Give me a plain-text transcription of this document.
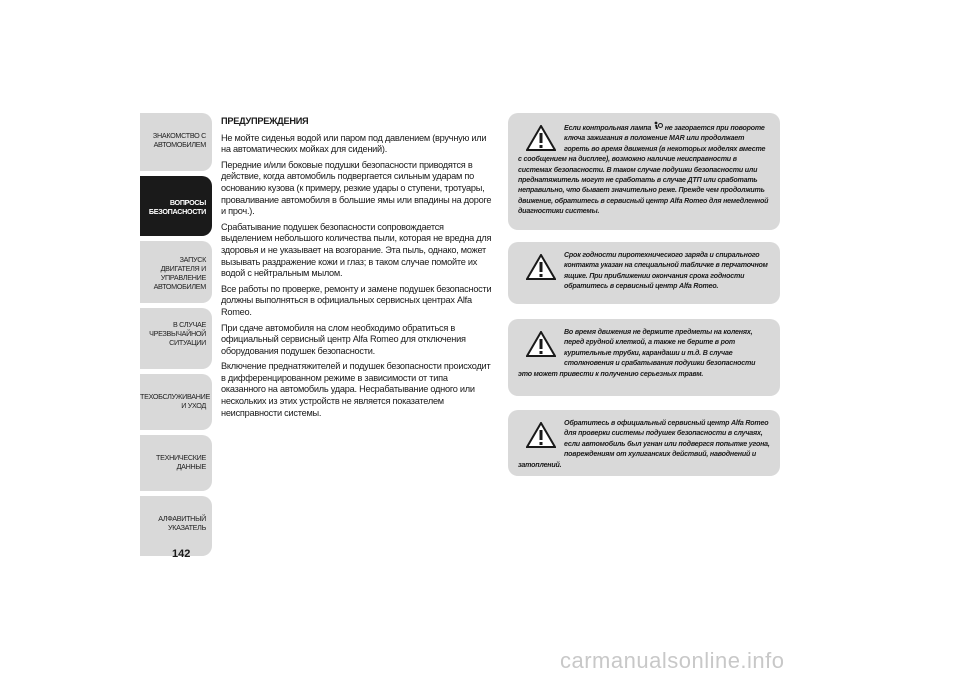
ЗНАКОМСТВО С
АВТОМОБИЛЕМ
ВОПРОСЫ
БЕЗОПАСНОСТИ
ЗАПУСК ДВИГАТЕЛЯ И
УПРАВЛЕНИЕ
АВТОМОБИЛЕМ
В СЛУЧАЕ
ЧРЕЗВЫЧАЙНОЙ
СИТУАЦИИ
ТЕХОБСЛУЖИВАНИЕ
И УХОД
ТЕХНИЧЕСКИЕ
ДАННЫЕ
АЛФАВИТНЫЙ
УКАЗАТЕЛЬ
142
ПРЕДУПРЕЖДЕНИЯ

Не мойте сиденья водой или паром под давлением (вручную или на автоматических мойках для сидений).

Передние и/или боковые подушки безопасности приводятся в действие, когда автомобиль подвергается сильным ударам по основанию кузова (к примеру, резкие удары о ступени, тротуары, проваливание автомобиля в большие ямы или впадины на дороге и проч.).

Срабатывание подушек безопасности сопровождается выделением небольшого количества пыли, которая не вредна для здоровья и не указывает на возгорание. Эта пыль, однако, может вызывать раздражение кожи и глаз; в таком случае помойте их водой с нейтральным мылом.

Все работы по проверке, ремонту и замене подушек безопасности должны выполняться в официальных сервисных центрах Alfa Romeo.

При сдаче автомобиля на слом необходимо обратиться в официальный сервисный центр Alfa Romeo для отключения оборудования подушек безопасности.

Включение преднатяжителей и подушек безопасности происходит в дифференцированном режиме в зависимости от типа оказанного на автомобиль удара. Несрабатывание одного или нескольких из этих устройств не является показателем неисправности системы.

Если контрольная лампа  не загорается при повороте ключа зажигания в положение MAR или продолжает гореть во время движения (в некоторых моделях вместе с сообщением на дисплее), возможно наличие неисправности в системах безопасности. В таком случае подушки безопасности или преднатяжитель могут не сработать в случае ДТП или сработать неправильно, что бывает значительно реже. Прежде чем продолжить движение, обратитесь в сервисный центр Alfa Romeo для немедленной диагностики системы.
Срок годности пиротехнического заряда и спирального контакта указан на специальной табличке в перчаточном ящике. При приближении окончания срока годности обратитесь в сервисный центр Alfa Romeo.
Во время движения не держите предметы на коленях, перед грудной клеткой, а также не берите в рот курительные трубки, карандаши и т.д. В случае столкновения и срабатывания подушки безопасности это может привести к получению серьезных травм.
Обратитесь в официальный сервисный центр Alfa Romeo для проверки системы подушек безопасности в случаях, если автомобиль был угнан или подвергся попытке угона, повреждениям от хулиганских действий, наводнений и затоплений.
carmanualsonline.info
